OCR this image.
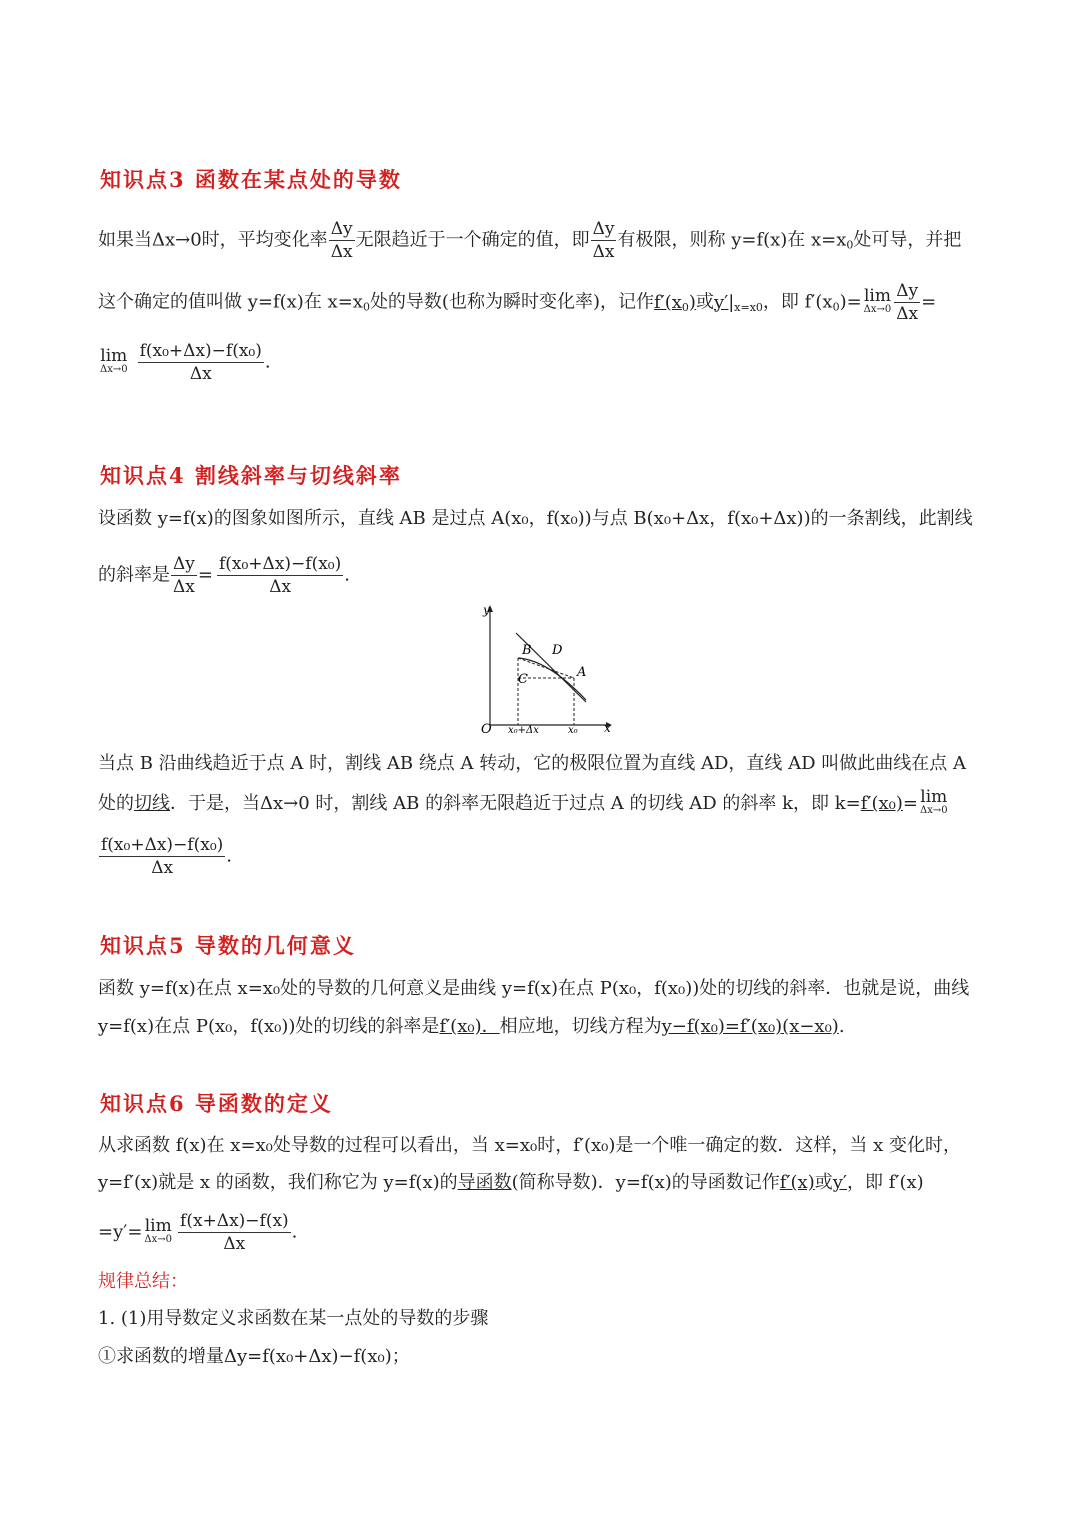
知识点3 函数在某点处的导数
如果当Δx→0时，平均变化率 $\frac{\Delta y}{\Delta x}$ 无限趋近于一个确定的值，即 $\frac{\Delta y}{\Delta x}$ 有极限，则称 y=f(x)在 $x=x_0$处可导，并把
这个确定的值叫做 y=f(x)在 $x=x_0$处的导数(也称为瞬时变化率)，记作$f'(x_0)$或$y'|_{x=x0}$，即 $f'(x_0)= \lim$
$\Delta x\to 0 \frac{\Delta y}{\Delta x}$ =
lim
$\Delta x\to 0 \frac{\text{f(x₀+Δx)−f(x₀)}}{\Delta x}$ .
知识点4 割线斜率与切线斜率
设函数 y=f(x)的图象如图所示，直线 AB 是过点 A(x₀，f(x₀))与点 B(x₀+Δx，f(x₀+Δx))的一条割线，此割线
的斜率是 $\frac{\Delta y}{\Delta x} = \frac{\text{f(x₀+Δx)−f(x₀)}}{\Delta x}$ .
y
x
O
B D
C	A
x₀+Δx	x₀
当点 B 沿曲线趋近于点 A 时，割线 AB 绕点 A 转动，它的极限位置为直线 AD，直线 AD 叫做此曲线在点 A
处的切线．于是，当Δx→0 时，割线 AB 的斜率无限趋近于过点 A 的切线 AD 的斜率 k，即 k=f′(x₀)= lim
Δx→0
$\frac{\text{f(x₀+Δx)−f(x₀)}}{\Delta x}$ .
知识点5 导数的几何意义
函数 y=f(x)在点 x=x₀处的导数的几何意义是曲线 y=f(x)在点 P(x₀，f(x₀))处的切线的斜率．也就是说，曲线
y=f(x)在点 P(x₀，f(x₀))处的切线的斜率是f′(x₀)．相应地，切线方程为y−f(x₀)=f′(x₀)(x−x₀).
知识点6 导函数的定义
从求函数 f(x)在 x=x₀处导数的过程可以看出，当 x=x₀时，f′(x₀)是一个唯一确定的数．这样，当 x 变化时，
y=f′(x)就是 x 的函数，我们称它为 y=f(x)的导函数(简称导数)．y=f(x)的导函数记作f′(x)或y′，即 f′(x)
=y′= lim
$\Delta x\to 0 \frac{f(x+\Delta x)-f(x)}{\Delta x}$ .
规律总结：
1. (1)用导数定义求函数在某一点处的导数的步骤
①求函数的增量Δy=f(x₀+Δx)−f(x₀)；
